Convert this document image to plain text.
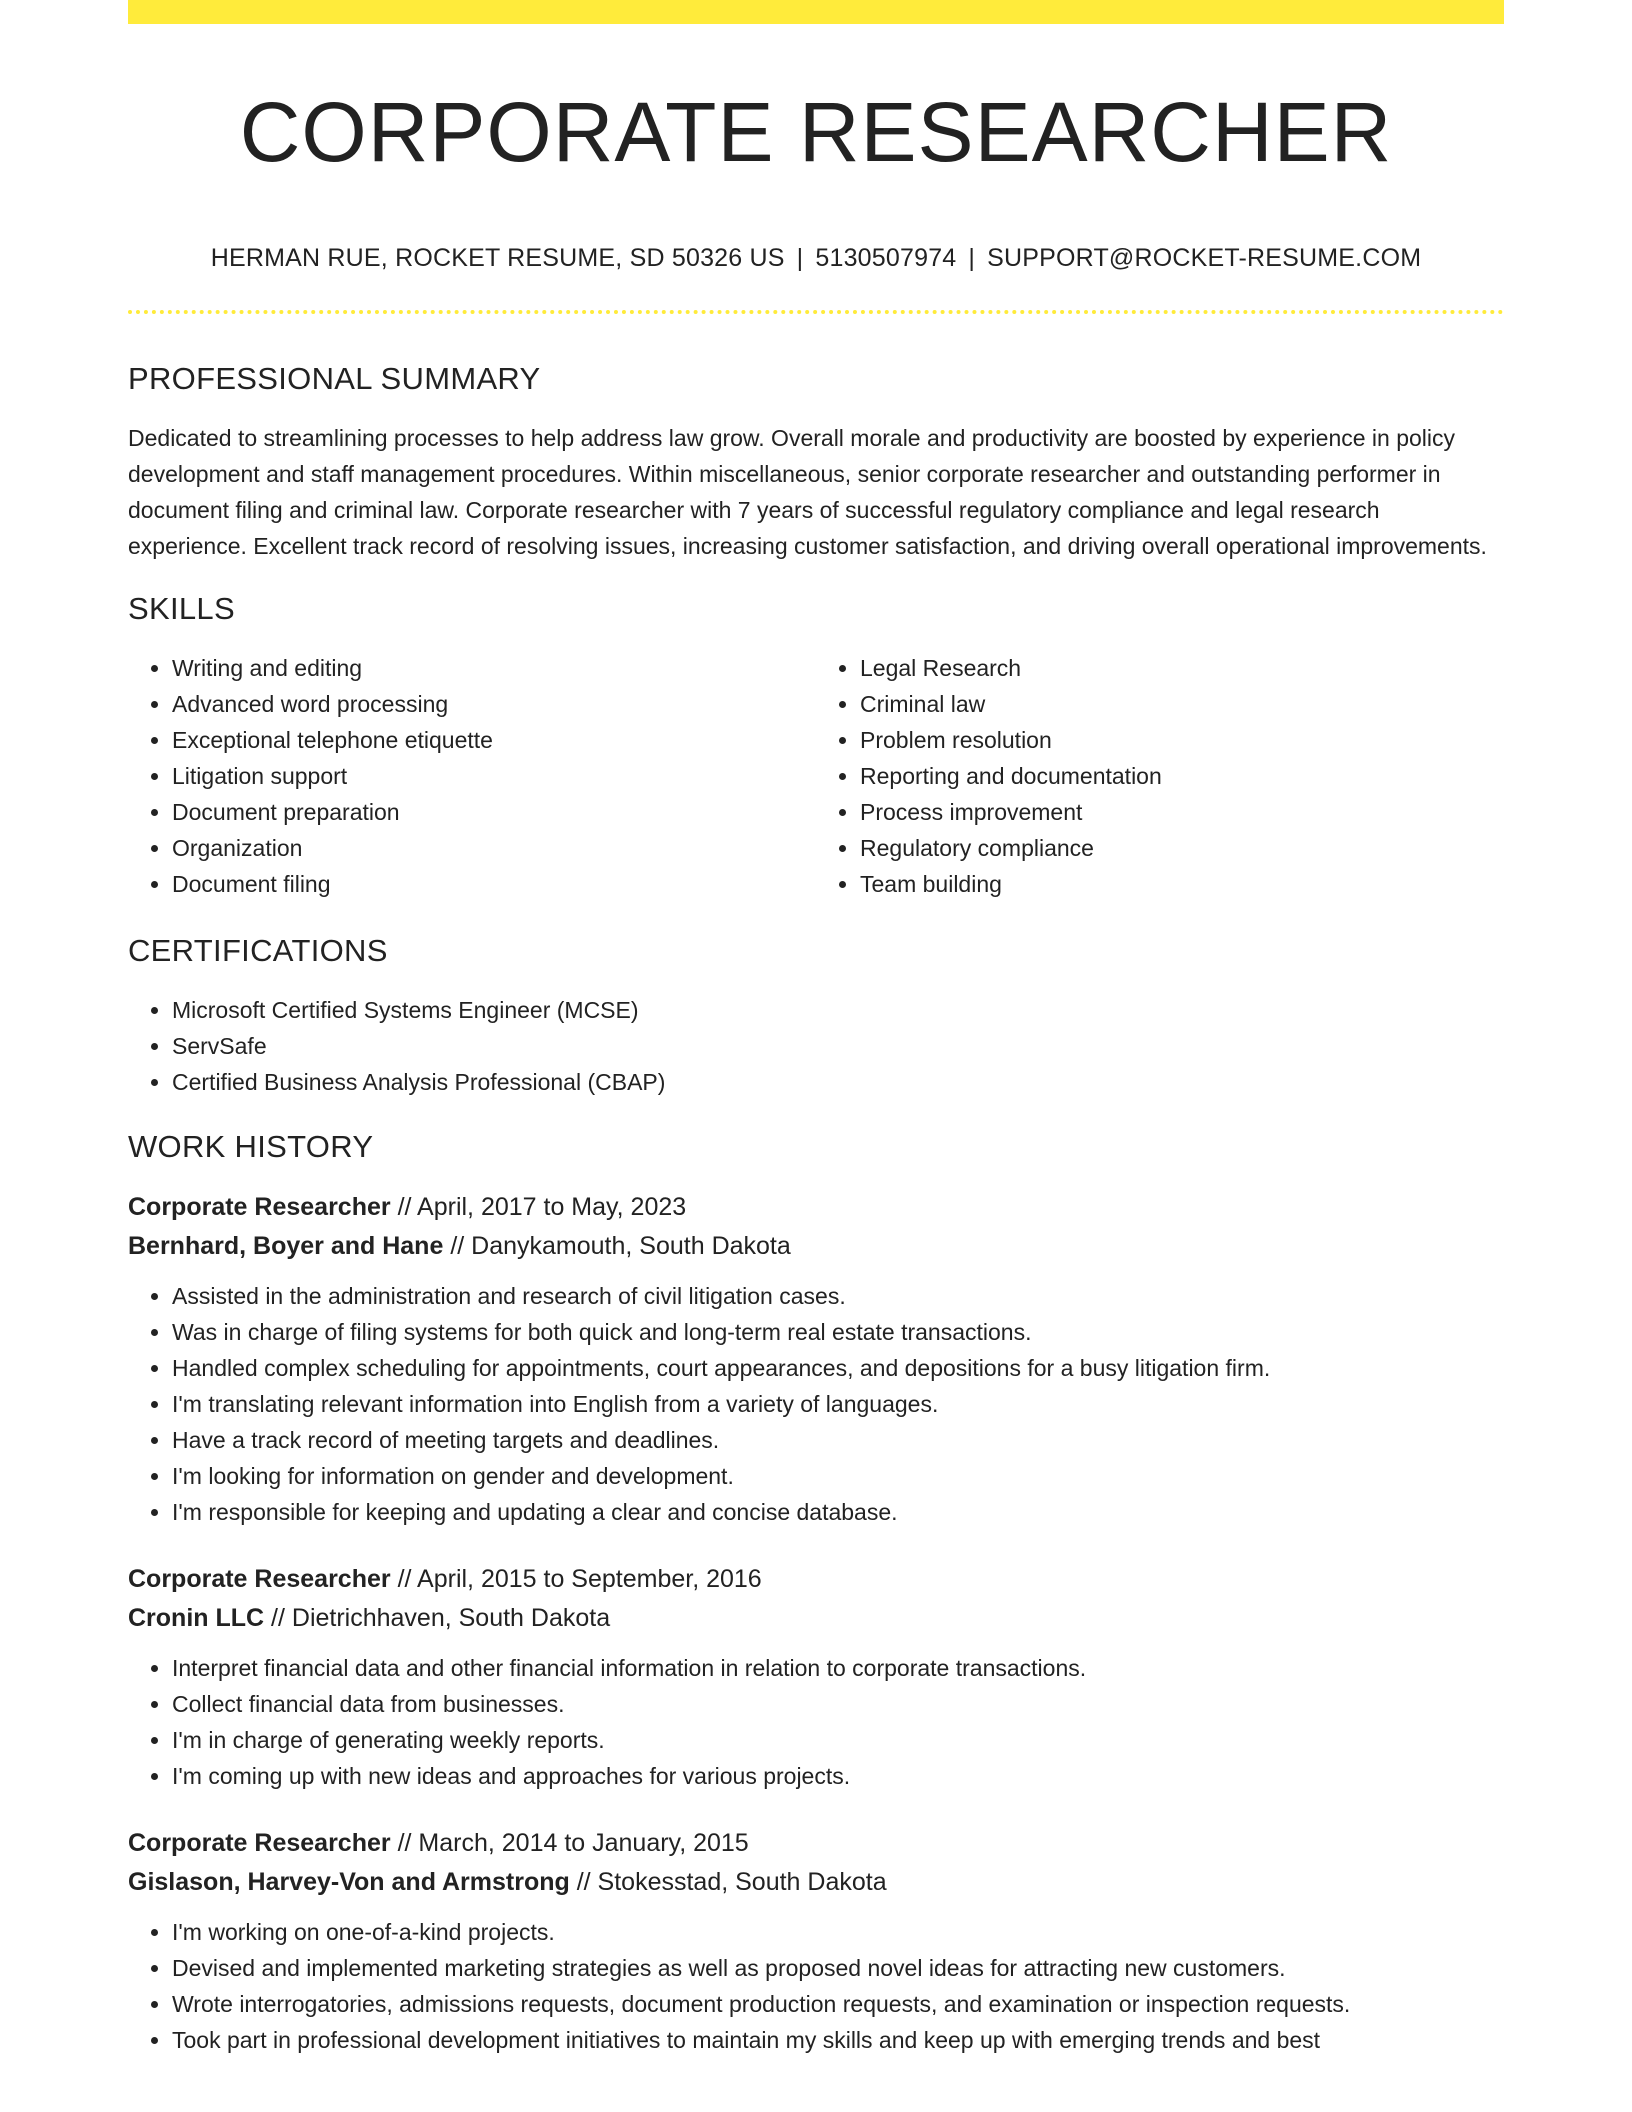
CORPORATE RESEARCHER
HERMAN RUE, ROCKET RESUME, SD 50326 US | 5130507974 | SUPPORT@ROCKET-RESUME.COM
PROFESSIONAL SUMMARY

Dedicated to streamlining processes to help address law grow. Overall morale and productivity are boosted by experience in policy development and staff management procedures. Within miscellaneous, senior corporate researcher and outstanding performer in document filing and criminal law. Corporate researcher with 7 years of successful regulatory compliance and legal research experience. Excellent track record of resolving issues, increasing customer satisfaction, and driving overall operational improvements.

SKILLS
• Writing and editing
• Advanced word processing
• Exceptional telephone etiquette
• Litigation support
• Document preparation
• Organization
• Document filing
• Legal Research
• Criminal law
• Problem resolution
• Reporting and documentation
• Process improvement
• Regulatory compliance
• Team building
CERTIFICATIONS
• Microsoft Certified Systems Engineer (MCSE)
• ServSafe
• Certified Business Analysis Professional (CBAP)
WORK HISTORY
Corporate Researcher // April, 2017 to May, 2023
Bernhard, Boyer and Hane // Danykamouth, South Dakota
• Assisted in the administration and research of civil litigation cases.
• Was in charge of filing systems for both quick and long-term real estate transactions.
• Handled complex scheduling for appointments, court appearances, and depositions for a busy litigation firm.
• I'm translating relevant information into English from a variety of languages.
• Have a track record of meeting targets and deadlines.
• I'm looking for information on gender and development.
• I'm responsible for keeping and updating a clear and concise database.
Corporate Researcher // April, 2015 to September, 2016
Cronin LLC // Dietrichhaven, South Dakota
• Interpret financial data and other financial information in relation to corporate transactions.
• Collect financial data from businesses.
• I'm in charge of generating weekly reports.
• I'm coming up with new ideas and approaches for various projects.
Corporate Researcher // March, 2014 to January, 2015
Gislason, Harvey-Von and Armstrong // Stokesstad, South Dakota
• I'm working on one-of-a-kind projects.
• Devised and implemented marketing strategies as well as proposed novel ideas for attracting new customers.
• Wrote interrogatories, admissions requests, document production requests, and examination or inspection requests.
• Took part in professional development initiatives to maintain my skills and keep up with emerging trends and best
